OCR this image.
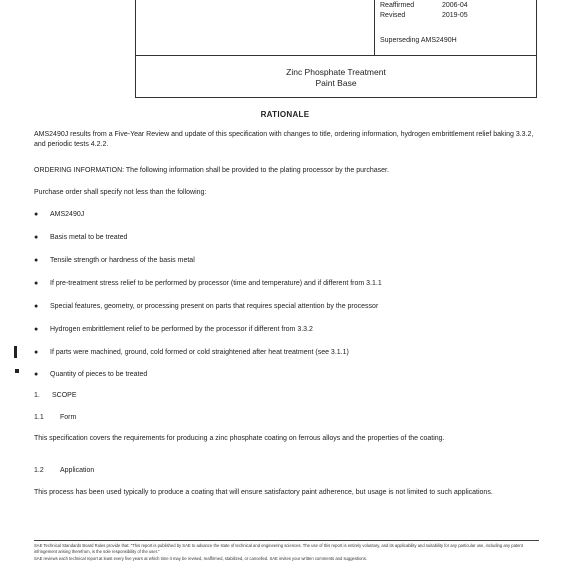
Reaffirmed	2006-04
Revised	2019-05
Superseding AMS2490H
Zinc Phosphate Treatment
Paint Base
RATIONALE
AMS2490J results from a Five-Year Review and update of this specification with changes to title, ordering information, hydrogen embrittlement relief baking 3.3.2, and periodic tests 4.2.2.
ORDERING INFORMATION: The following information shall be provided to the plating processor by the purchaser.
Purchase order shall specify not less than the following:
● AMS2490J
● Basis metal to be treated
● Tensile strength or hardness of the basis metal
● If pre-treatment stress relief to be performed by processor (time and temperature) and if different from 3.1.1
● Special features, geometry, or processing present on parts that requires special attention by the processor
● Hydrogen embrittlement relief to be performed by the processor if different from 3.3.2
● If parts were machined, ground, cold formed or cold straightened after heat treatment (see 3.1.1)
● Quantity of pieces to be treated
1. SCOPE
1.1 Form
This specification covers the requirements for producing a zinc phosphate coating on ferrous alloys and the properties of the coating.
1.2 Application
This process has been used typically to produce a coating that will ensure satisfactory paint adherence, but usage is not limited to such applications.
SAE Technical Standards Board Rules provide that: "This report is published by SAE to advance the state of technical and engineering sciences. The use of this report is entirely voluntary, and its applicability and suitability for any particular use, including any patent infringement arising therefrom, is the sole responsibility of the user."
SAE reviews each technical report at least every five years at which time it may be revised, reaffirmed, stabilized, or cancelled. SAE invites your written comments and suggestions.
